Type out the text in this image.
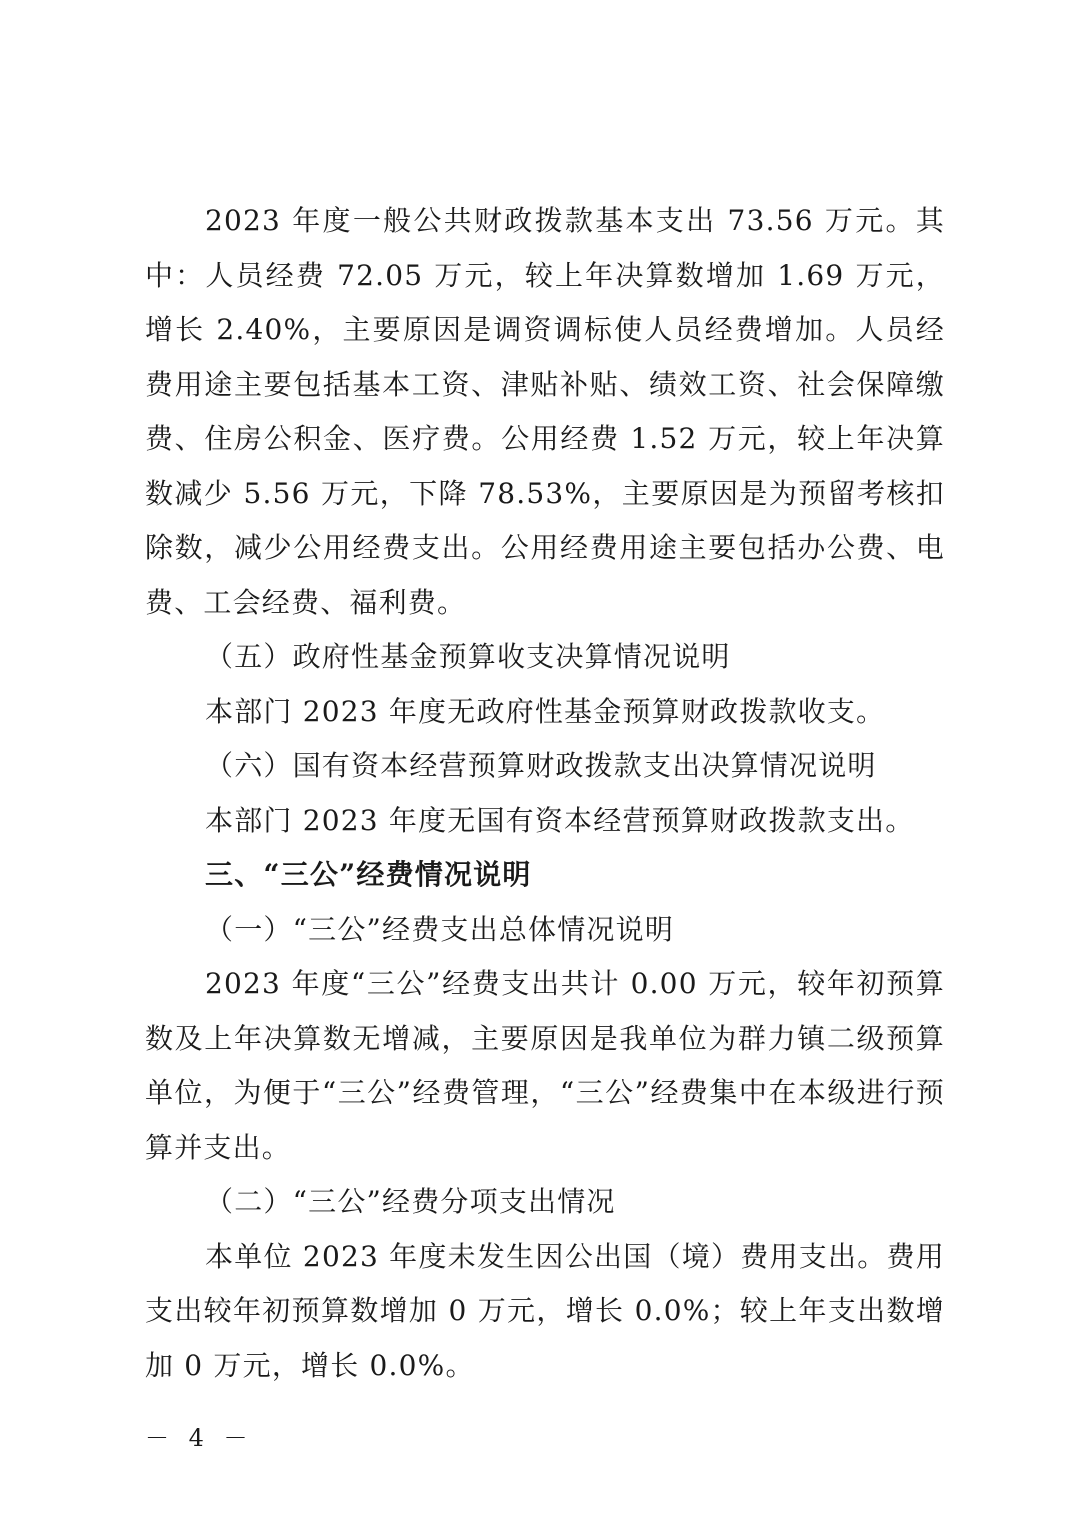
2023 年度一般公共财政拨款基本支出 73.56 万元。其中：人员经费 72.05 万元，较上年决算数增加 1.69 万元，增长 2.40%，主要原因是调资调标使人员经费增加。人员经费用途主要包括基本工资、津贴补贴、绩效工资、社会保障缴费、住房公积金、医疗费。公用经费 1.52 万元，较上年决算数减少 5.56 万元，下降 78.53%，主要原因是为预留考核扣除数，减少公用经费支出。公用经费用途主要包括办公费、电费、工会经费、福利费。

（五）政府性基金预算收支决算情况说明

本部门 2023 年度无政府性基金预算财政拨款收支。

（六）国有资本经营预算财政拨款支出决算情况说明

本部门 2023 年度无国有资本经营预算财政拨款支出。

三、“三公”经费情况说明

（一）“三公”经费支出总体情况说明

2023 年度“三公”经费支出共计 0.00 万元，较年初预算数及上年决算数无增减，主要原因是我单位为群力镇二级预算单位，为便于“三公”经费管理，“三公”经费集中在本级进行预算并支出。

（二）“三公”经费分项支出情况

本单位 2023 年度未发生因公出国（境）费用支出。费用支出较年初预算数增加 0 万元，增长 0.0%；较上年支出数增加 0 万元，增长 0.0%。

－ 4 －
